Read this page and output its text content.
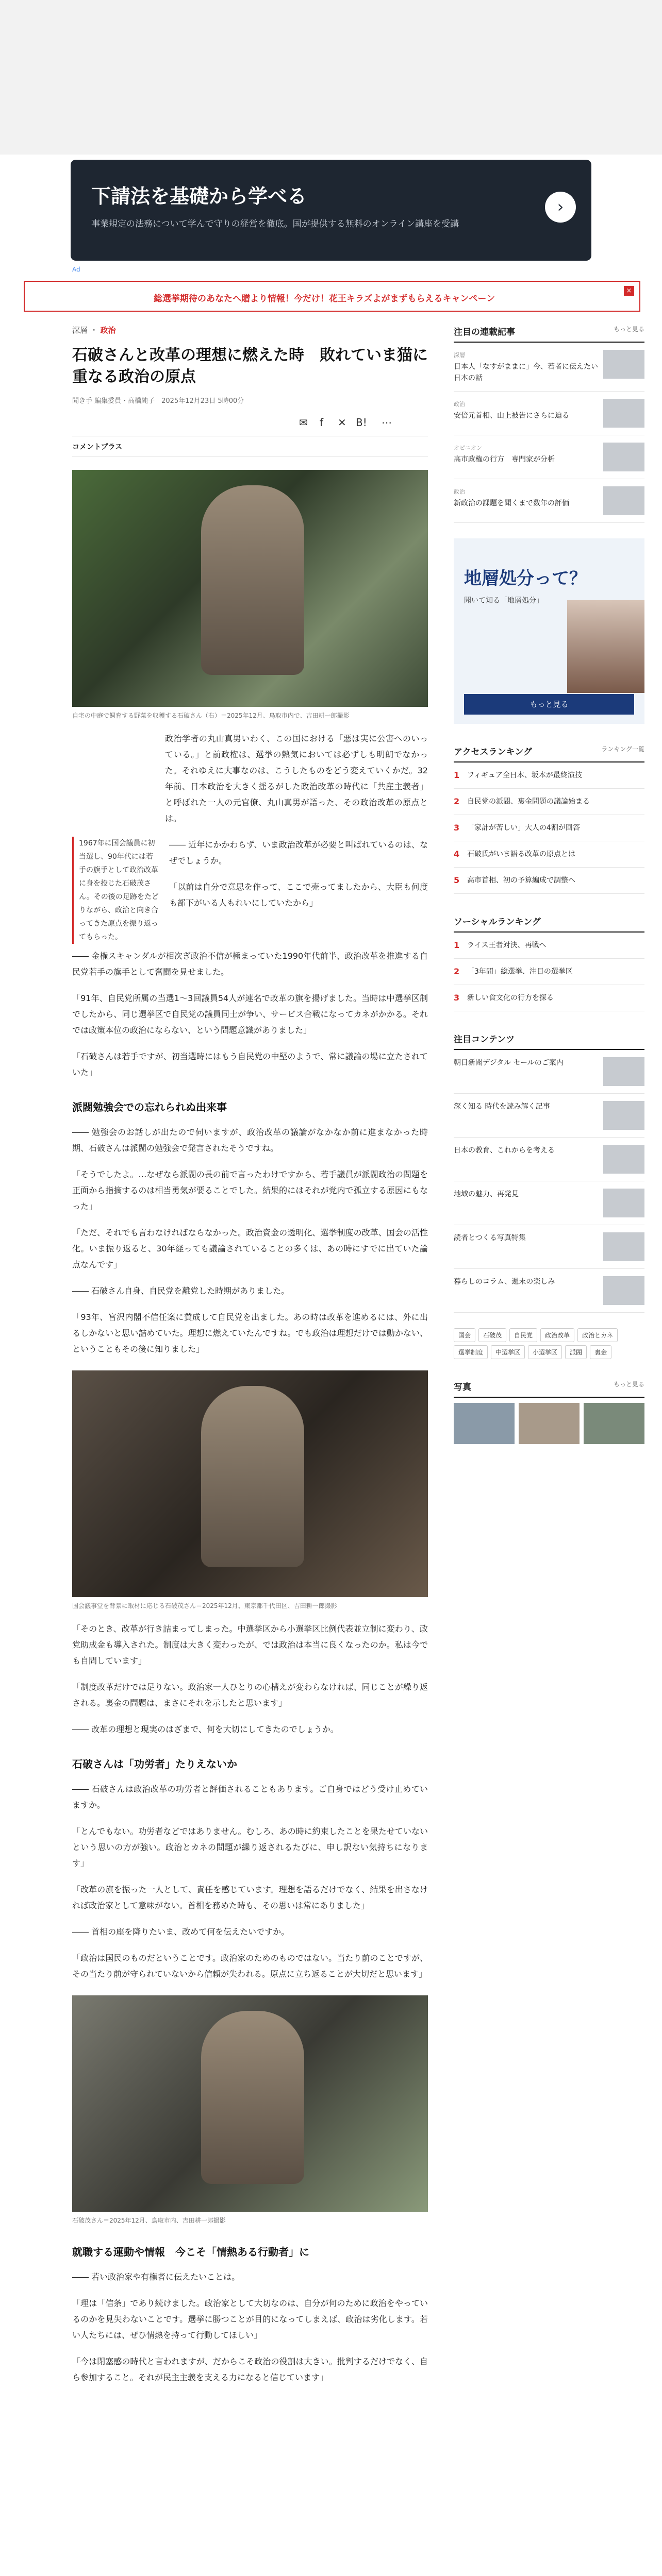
下請法を基礎から学べる

事業規定の法務について学んで守りの経営を徹底。国が提供する無料のオンライン講座を受講

›
Ad
総選挙期待のあなたへ贈より情報！今だけ！花王キラズよがまずもらえるキャンペーン
×
深層 ・ 政治
石破さんと改革の理想に燃えた時　敗れていま猫に重なる政治の原点
聞き手 編集委員・高橋純子　2025年12月23日 5時00分
✉ f ✕ B! ⋯
コメントプラス
自宅の中庭で飼育する野菜を収穫する石破さん（右）＝2025年12月、鳥取市内で、吉田耕一郎撮影

政治学者の丸山真男いわく、この国における「悪は実に公害へのいっている。」と前政権は、選挙の熱気においては必ずしも明朗でなかった。それゆえに大事なのは、こうしたものをどう変えていくかだ。32年前、日本政治を大きく揺るがした政治改革の時代に「共産主義者」と呼ばれた一人の元官僚、丸山真男が語った、その政治改革の原点とは。

1967年に国会議員に初当選し、90年代には若手の旗手として政治改革に身を投じた石破茂さん。その後の足跡をたどりながら、政治と向き合ってきた原点を振り返ってもらった。

―― 近年にかかわらず、いま政治改革が必要と叫ばれているのは、なぜでしょうか。

「以前は自分で意思を作って、ここで売ってましたから、大臣も何度も部下がいる人もれいにしていたから」

―― 金権スキャンダルが相次ぎ政治不信が極まっていた1990年代前半、政治改革を推進する自民党若手の旗手として奮闘を見せました。

「91年、自民党所属の当選1～3回議員54人が連名で改革の旗を揚げました。当時は中選挙区制でしたから、同じ選挙区で自民党の議員同士が争い、サービス合戦になってカネがかかる。それでは政策本位の政治にならない、という問題意識がありました」

「石破さんは若手ですが、初当選時にはもう自民党の中堅のようで、常に議論の場に立たされていた」

派閥勉強会での忘れられぬ出来事

―― 勉強会のお話しが出たので伺いますが、政治改革の議論がなかなか前に進まなかった時期、石破さんは派閥の勉強会で発言されたそうですね。

「そうでしたよ。…なぜなら派閥の長の前で言ったわけですから、若手議員が派閥政治の問題を正面から指摘するのは相当勇気が要ることでした。結果的にはそれが党内で孤立する原因にもなった」

「ただ、それでも言わなければならなかった。政治資金の透明化、選挙制度の改革、国会の活性化。いま振り返ると、30年経っても議論されていることの多くは、あの時にすでに出ていた論点なんです」

―― 石破さん自身、自民党を離党した時期がありました。

「93年、宮沢内閣不信任案に賛成して自民党を出ました。あの時は改革を進めるには、外に出るしかないと思い詰めていた。理想に燃えていたんですね。でも政治は理想だけでは動かない、ということもその後に知りました」

国会議事堂を背景に取材に応じる石破茂さん＝2025年12月、東京都千代田区、吉田耕一郎撮影

「そのとき、改革が行き詰まってしまった。中選挙区から小選挙区比例代表並立制に変わり、政党助成金も導入された。制度は大きく変わったが、では政治は本当に良くなったのか。私は今でも自問しています」

「制度改革だけでは足りない。政治家一人ひとりの心構えが変わらなければ、同じことが繰り返される。裏金の問題は、まさにそれを示したと思います」

―― 改革の理想と現実のはざまで、何を大切にしてきたのでしょうか。

石破さんは「功労者」たりえないか

―― 石破さんは政治改革の功労者と評価されることもあります。ご自身ではどう受け止めていますか。

「とんでもない。功労者などではありません。むしろ、あの時に約束したことを果たせていないという思いの方が強い。政治とカネの問題が繰り返されるたびに、申し訳ない気持ちになります」

「改革の旗を振った一人として、責任を感じています。理想を語るだけでなく、結果を出さなければ政治家として意味がない。首相を務めた時も、その思いは常にありました」

―― 首相の座を降りたいま、改めて何を伝えたいですか。

「政治は国民のものだということです。政治家のためのものではない。当たり前のことですが、その当たり前が守られていないから信頼が失われる。原点に立ち返ることが大切だと思います」

石破茂さん＝2025年12月、鳥取市内、吉田耕一郎撮影
就職する運動や情報　今こそ「情熱ある行動者」に

―― 若い政治家や有権者に伝えたいことは。

「理は「信条」であり続けました。政治家として大切なのは、自分が何のために政治をやっているのかを見失わないことです。選挙に勝つことが目的になってしまえば、政治は劣化します。若い人たちには、ぜひ情熱を持って行動してほしい」

「今は閉塞感の時代と言われますが、だからこそ政治の役割は大きい。批判するだけでなく、自ら参加すること。それが民主主義を支える力になると信じています」

注目の連載記事	もっと見る
深層
日本人「なすがままに」今、若者に伝えたい日本の話
政治
安倍元首相、山上被告にさらに迫る
オピニオン
高市政権の行方　専門家が分析
政治
新政治の課題を聞くまで数年の評価
地層処分って？
聞いて知る「地層処分」
もっと見る
アクセスランキング	ランキング一覧
1	フィギュア全日本、坂本が最終演技
2	自民党の派閥、裏金問題の議論始まる
3	「家計が苦しい」大人の4割が回答
4	石破氏がいま語る改革の原点とは
5	高市首相、初の予算編成で調整へ
ソーシャルランキング
1	ライス王者対決、再戦へ
2	「3年間」総選挙、注目の選挙区
3	新しい食文化の行方を探る
注目コンテンツ
朝日新聞デジタル セールのご案内
深く知る 時代を読み解く記事
日本の教育、これからを考える
地域の魅力、再発見
読者とつくる写真特集
暮らしのコラム、週末の楽しみ
国会	石破茂	自民党	政治改革	政治とカネ
選挙制度	中選挙区	小選挙区	派閥	裏金
写真	もっと見る
